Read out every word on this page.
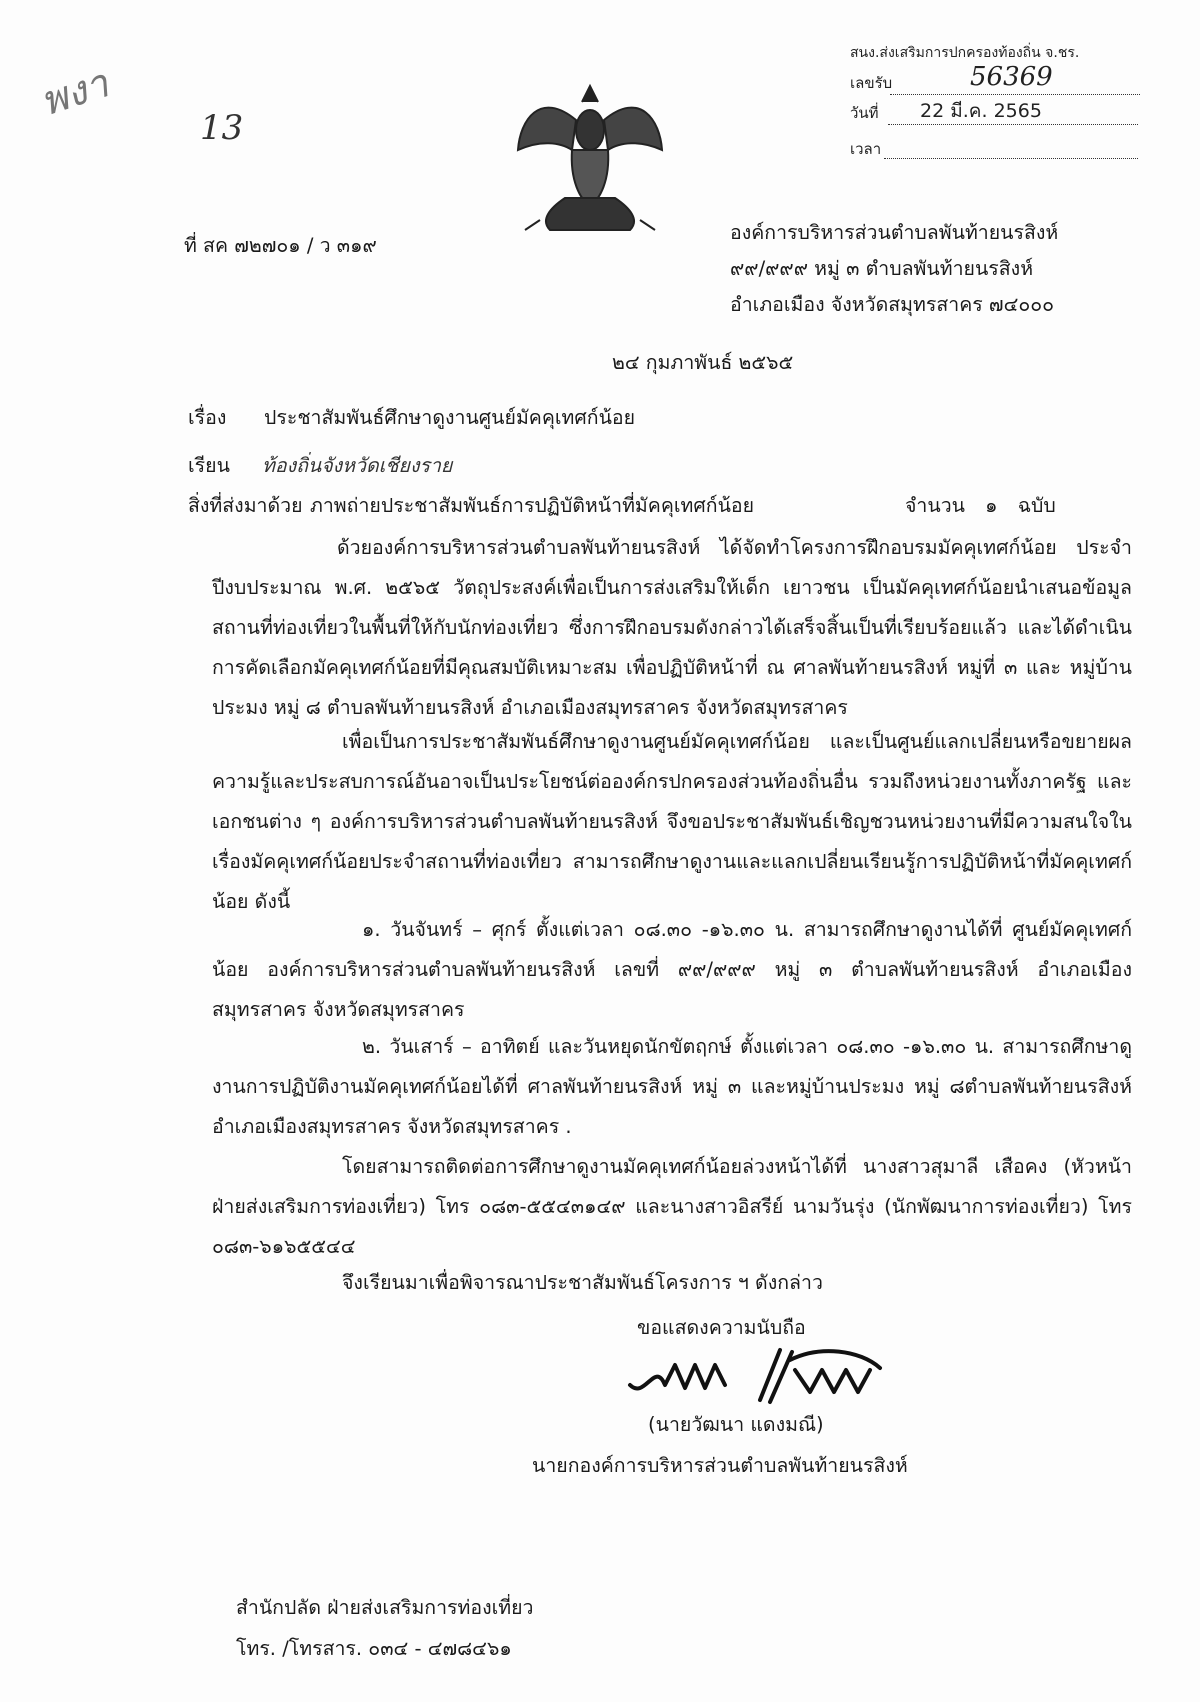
พงา
13
สนง.ส่งเสริมการปกครองท้องถิ่น จ.ชร.
เลขรับ	56369
วันที่ 22 มี.ค. 2565
เวลา
ที่ สค ๗๒๗๐๑ / ว ๓๑๙
องค์การบริหารส่วนตำบลพันท้ายนรสิงห์
๙๙/๙๙๙ หมู่ ๓ ตำบลพันท้ายนรสิงห์
อำเภอเมือง จังหวัดสมุทรสาคร ๗๔๐๐๐
๒๔ กุมภาพันธ์ ๒๕๖๕
เรื่อง ประชาสัมพันธ์ศึกษาดูงานศูนย์มัคคุเทศก์น้อย
เรียน ท้องถิ่นจังหวัดเชียงราย
สิ่งที่ส่งมาด้วย ภาพถ่ายประชาสัมพันธ์การปฏิบัติหน้าที่มัคคุเทศก์น้อย	จำนวน ๑ ฉบับ
ด้วยองค์การบริหารส่วนตำบลพันท้ายนรสิงห์ ได้จัดทำโครงการฝึกอบรมมัคคุเทศก์น้อย ประจำปีงบประมาณ พ.ศ. ๒๕๖๕ วัตถุประสงค์เพื่อเป็นการส่งเสริมให้เด็ก เยาวชน เป็นมัคคุเทศก์น้อยนำเสนอข้อมูลสถานที่ท่องเที่ยวในพื้นที่ให้กับนักท่องเที่ยว ซึ่งการฝึกอบรมดังกล่าวได้เสร็จสิ้นเป็นที่เรียบร้อยแล้ว และได้ดำเนินการคัดเลือกมัคคุเทศก์น้อยที่มีคุณสมบัติเหมาะสม เพื่อปฏิบัติหน้าที่ ณ ศาลพันท้ายนรสิงห์ หมู่ที่ ๓ และ หมู่บ้านประมง หมู่ ๘ ตำบลพันท้ายนรสิงห์ อำเภอเมืองสมุทรสาคร จังหวัดสมุทรสาคร
เพื่อเป็นการประชาสัมพันธ์ศึกษาดูงานศูนย์มัคคุเทศก์น้อย และเป็นศูนย์แลกเปลี่ยนหรือขยายผลความรู้และประสบการณ์อันอาจเป็นประโยชน์ต่อองค์กรปกครองส่วนท้องถิ่นอื่น รวมถึงหน่วยงานทั้งภาครัฐ และเอกชนต่าง ๆ องค์การบริหารส่วนตำบลพันท้ายนรสิงห์ จึงขอประชาสัมพันธ์เชิญชวนหน่วยงานที่มีความสนใจในเรื่องมัคคุเทศก์น้อยประจำสถานที่ท่องเที่ยว สามารถศึกษาดูงานและแลกเปลี่ยนเรียนรู้การปฏิบัติหน้าที่มัคคุเทศก์น้อย ดังนี้
๑. วันจันทร์ – ศุกร์ ตั้งแต่เวลา ๐๘.๓๐ -๑๖.๓๐ น. สามารถศึกษาดูงานได้ที่ ศูนย์มัคคุเทศก์น้อย องค์การบริหารส่วนตำบลพันท้ายนรสิงห์ เลขที่ ๙๙/๙๙๙ หมู่ ๓ ตำบลพันท้ายนรสิงห์ อำเภอเมืองสมุทรสาคร จังหวัดสมุทรสาคร
๒. วันเสาร์ – อาทิตย์ และวันหยุดนักขัตฤกษ์ ตั้งแต่เวลา ๐๘.๓๐ -๑๖.๓๐ น. สามารถศึกษาดูงานการปฏิบัติงานมัคคุเทศก์น้อยได้ที่ ศาลพันท้ายนรสิงห์ หมู่ ๓ และหมู่บ้านประมง หมู่ ๘ตำบลพันท้ายนรสิงห์ อำเภอเมืองสมุทรสาคร จังหวัดสมุทรสาคร .
โดยสามารถติดต่อการศึกษาดูงานมัคคุเทศก์น้อยล่วงหน้าได้ที่ นางสาวสุมาลี เสือคง (หัวหน้าฝ่ายส่งเสริมการท่องเที่ยว) โทร ๐๘๓-๕๕๔๓๑๔๙ และนางสาวอิสรีย์ นามวันรุ่ง (นักพัฒนาการท่องเที่ยว) โทร ๐๘๓-๖๑๖๕๕๔๔
จึงเรียนมาเพื่อพิจารณาประชาสัมพันธ์โครงการ ฯ ดังกล่าว
ขอแสดงความนับถือ
(นายวัฒนา แดงมณี)
นายกองค์การบริหารส่วนตำบลพันท้ายนรสิงห์
สำนักปลัด ฝ่ายส่งเสริมการท่องเที่ยว
โทร. /โทรสาร. ๐๓๔ - ๔๗๘๔๖๑
